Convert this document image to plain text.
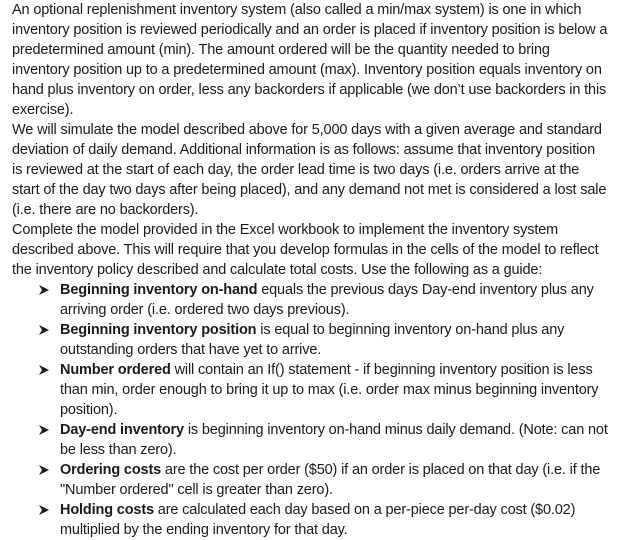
An optional replenishment inventory system (also called a min/max system) is one in which inventory position is reviewed periodically and an order is placed if inventory position is below a predetermined amount (min). The amount ordered will be the quantity needed to bring inventory position up to a predetermined amount (max). Inventory position equals inventory on hand plus inventory on order, less any backorders if applicable (we don’t use backorders in this exercise).

We will simulate the model described above for 5,000 days with a given average and standard deviation of daily demand. Additional information is as follows: assume that inventory position is reviewed at the start of each day, the order lead time is two days (i.e. orders arrive at the start of the day two days after being placed), and any demand not met is considered a lost sale (i.e. there are no backorders).

Complete the model provided in the Excel workbook to implement the inventory system described above. This will require that you develop formulas in the cells of the model to reflect the inventory policy described and calculate total costs. Use the following as a guide:

Beginning inventory on-hand equals the previous days Day-end inventory plus any arriving order (i.e. ordered two days previous).
Beginning inventory position is equal to beginning inventory on-hand plus any outstanding orders that have yet to arrive.
Number ordered will contain an If() statement - if beginning inventory position is less than min, order enough to bring it up to max (i.e. order max minus beginning inventory position).
Day-end inventory is beginning inventory on-hand minus daily demand. (Note: can not be less than zero).
Ordering costs are the cost per order ($50) if an order is placed on that day (i.e. if the "Number ordered" cell is greater than zero).
Holding costs are calculated each day based on a per-piece per-day cost ($0.02) multiplied by the ending inventory for that day.
